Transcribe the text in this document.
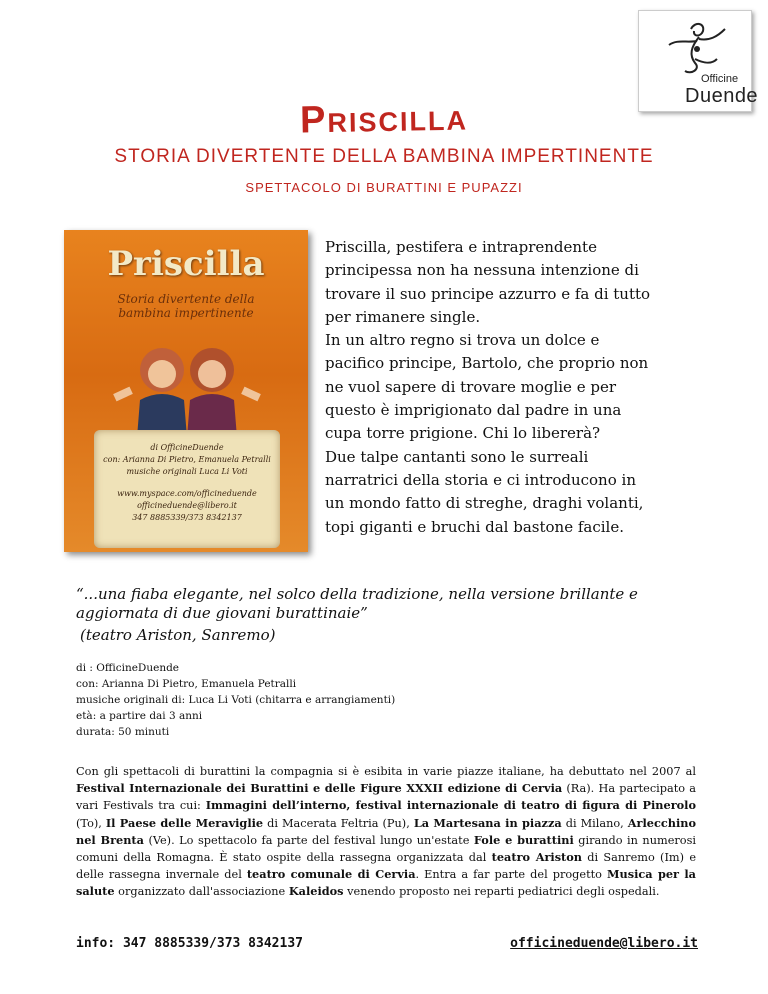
Officine
Duende
Priscilla
STORIA DIVERTENTE DELLA BAMBINA IMPERTINENTE
SPETTACOLO DI BURATTINI E PUPAZZI
Priscilla
Storia divertente della
bambina impertinente

di OfficineDuende

con: Arianna Di Pietro, Emanuela Petralli

musiche originali Luca Li Voti

www.myspace.com/officineduende

officineduende@libero.it

347 8885339/373 8342137

Priscilla, pestifera e intraprendente

principessa non ha nessuna intenzione di

trovare il suo principe azzurro e fa di tutto

per rimanere single.

In un altro regno si trova un dolce e

pacifico principe, Bartolo, che proprio non

ne vuol sapere di trovare moglie e per

questo è imprigionato dal padre in una

cupa torre prigione. Chi lo libererà?

Due talpe cantanti sono le surreali

narratrici della storia e ci introducono in

un mondo fatto di streghe, draghi volanti,

topi giganti e bruchi dal bastone facile.

“...una fiaba elegante, nel solco della tradizione, nella versione brillante e aggiornata di due giovani burattinaie”
(teatro Ariston, Sanremo)
di : OfficineDuende
con: Arianna Di Pietro, Emanuela Petralli
musiche originali di: Luca Li Voti (chitarra e arrangiamenti)
età: a partire dai 3 anni
durata: 50 minuti
Con gli spettacoli di burattini la compagnia si è esibita in varie piazze italiane, ha debuttato nel 2007 al Festival Internazionale dei Burattini e delle Figure XXXII edizione di Cervia (Ra). Ha partecipato a vari Festivals tra cui: Immagini dell’interno, festival internazionale di teatro di figura di Pinerolo (To), Il Paese delle Meraviglie di Macerata Feltria (Pu), La Martesana in piazza di Milano, Arlecchino nel Brenta (Ve). Lo spettacolo fa parte del festival lungo un'estate Fole e burattini girando in numerosi comuni della Romagna. È stato ospite della rassegna organizzata dal teatro Ariston di Sanremo (Im) e delle rassegna invernale del teatro comunale di Cervia. Entra a far parte del progetto Musica per la salute organizzato dall'associazione Kaleidos venendo proposto nei reparti pediatrici degli ospedali.
info: 347 8885339/373 8342137	officineduende@libero.it
